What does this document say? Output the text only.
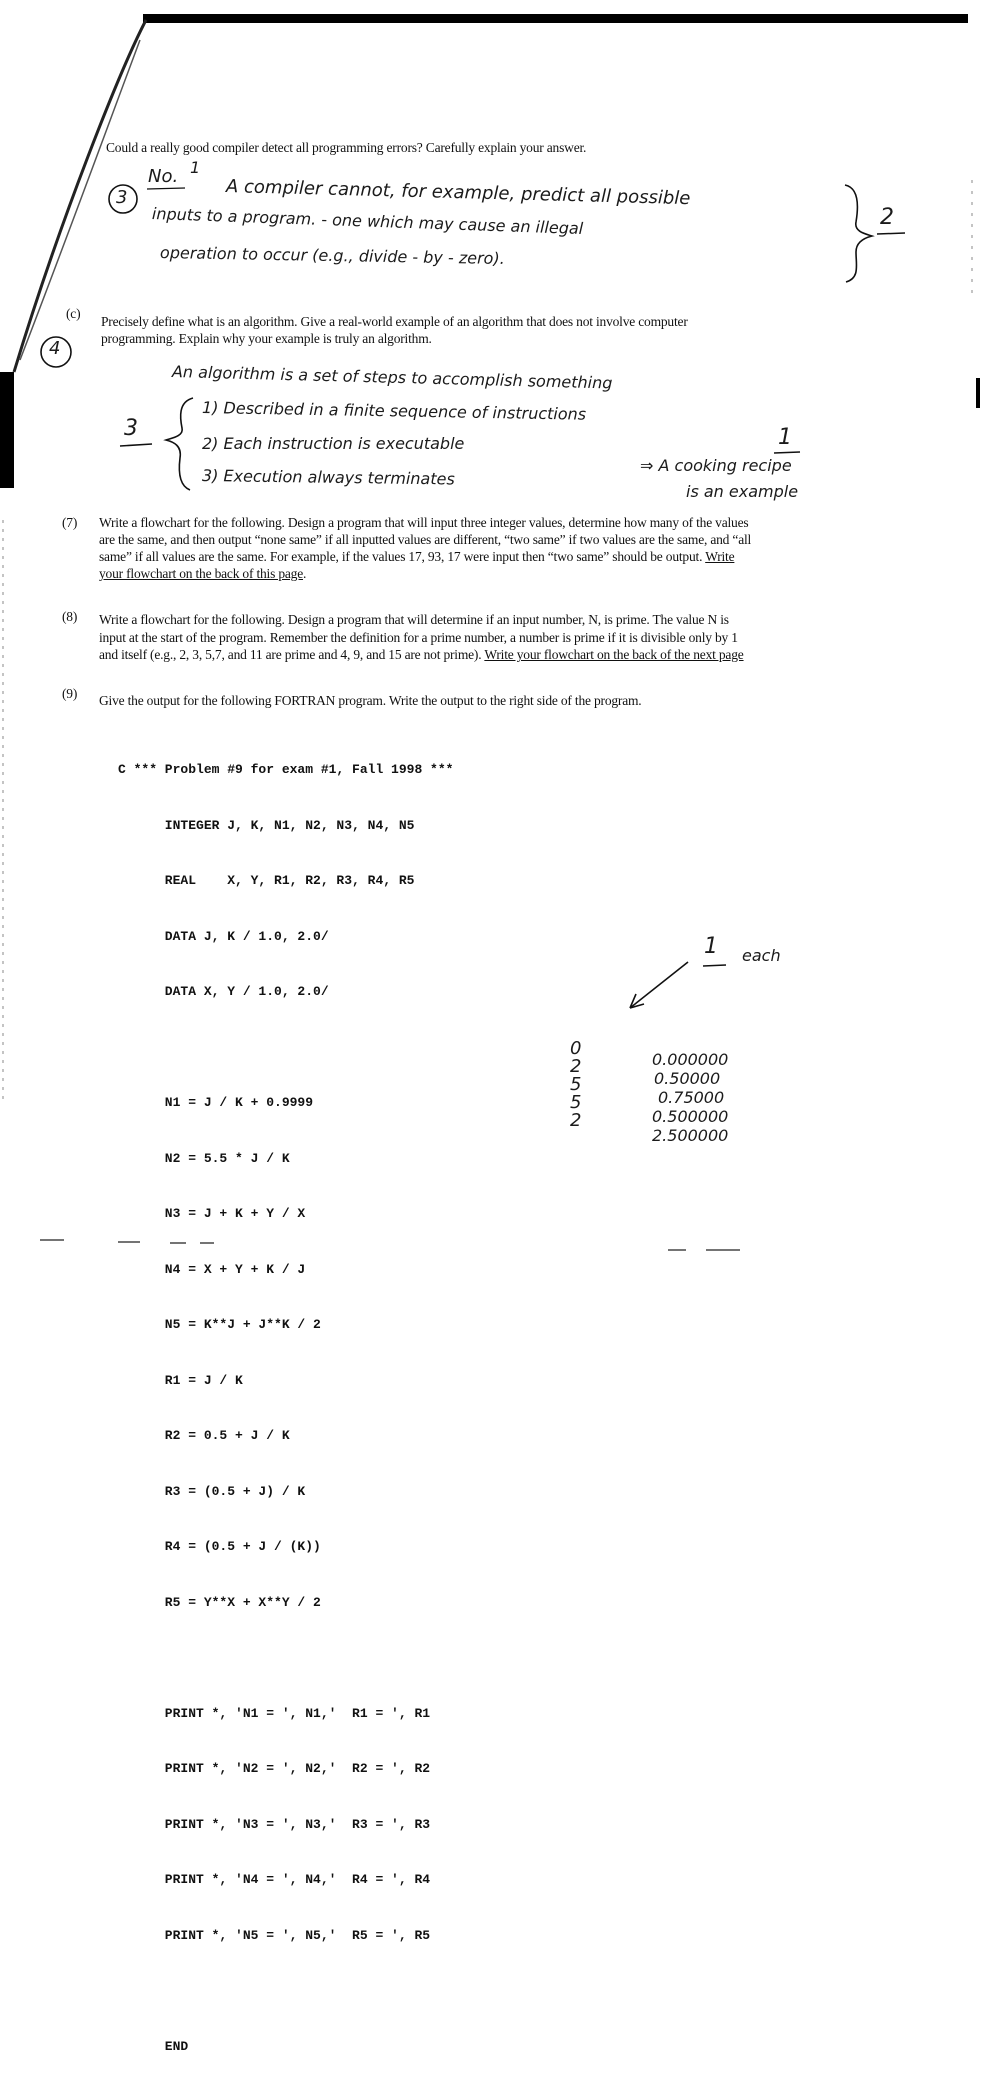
Could a really good compiler detect all programming errors? Carefully explain your answer.
3
No. 1
A compiler cannot, for example, predict all possible
inputs to a program. - one which may cause an illegal
operation to occur (e.g., divide - by - zero).
2
(c)
Precisely define what is an algorithm. Give a real-world example of an algorithm that does not involve computer
programming. Explain why your example is truly an algorithm.
4
An algorithm is a set of steps to accomplish something
1) Described in a finite sequence of instructions
2) Each instruction is executable
3) Execution always terminates
3	1
⇒ A cooking recipe
is an example
(7) Write a flowchart for the following. Design a program that will input three integer values, determine how many of the values
are the same, and then output “none same” if all inputted values are different, “two same” if two values are the same, and “all
same” if all values are the same. For example, if the values 17, 93, 17 were input then “two same” should be output. Write
your flowchart on the back of this page.
(8) Write a flowchart for the following. Design a program that will determine if an input number, N, is prime. The value N is
input at the start of the program. Remember the definition for a prime number, a number is prime if it is divisible only by 1
and itself (e.g., 2, 3, 5,7, and 11 are prime and 4, 9, and 15 are not prime). Write your flowchart on the back of the next page
(9) Give the output for the following FORTRAN program. Write the output to the right side of the program.

C *** Problem #9 for exam #1, Fall 1998 ***

INTEGER J, K, N1, N2, N3, N4, N5

REAL    X, Y, R1, R2, R3, R4, R5

DATA J, K / 1.0, 2.0/

DATA X, Y / 1.0, 2.0/

N1 = J / K + 0.9999

N2 = 5.5 * J / K

N3 = J + K + Y / X

N4 = X + Y + K / J

N5 = K**J + J**K / 2

R1 = J / K

R2 = 0.5 + J / K

R3 = (0.5 + J) / K

R4 = (0.5 + J / (K))

R5 = Y**X + X**Y / 2

PRINT *, 'N1 = ', N1,'  R1 = ', R1

PRINT *, 'N2 = ', N2,'  R2 = ', R2

PRINT *, 'N3 = ', N3,'  R3 = ', R3

PRINT *, 'N4 = ', N4,'  R4 = ', R4

PRINT *, 'N5 = ', N5,'  R5 = ', R5

END

1 each
0
2
5
5
2
0.000000
0.50000
0.75000
0.500000
2.500000
